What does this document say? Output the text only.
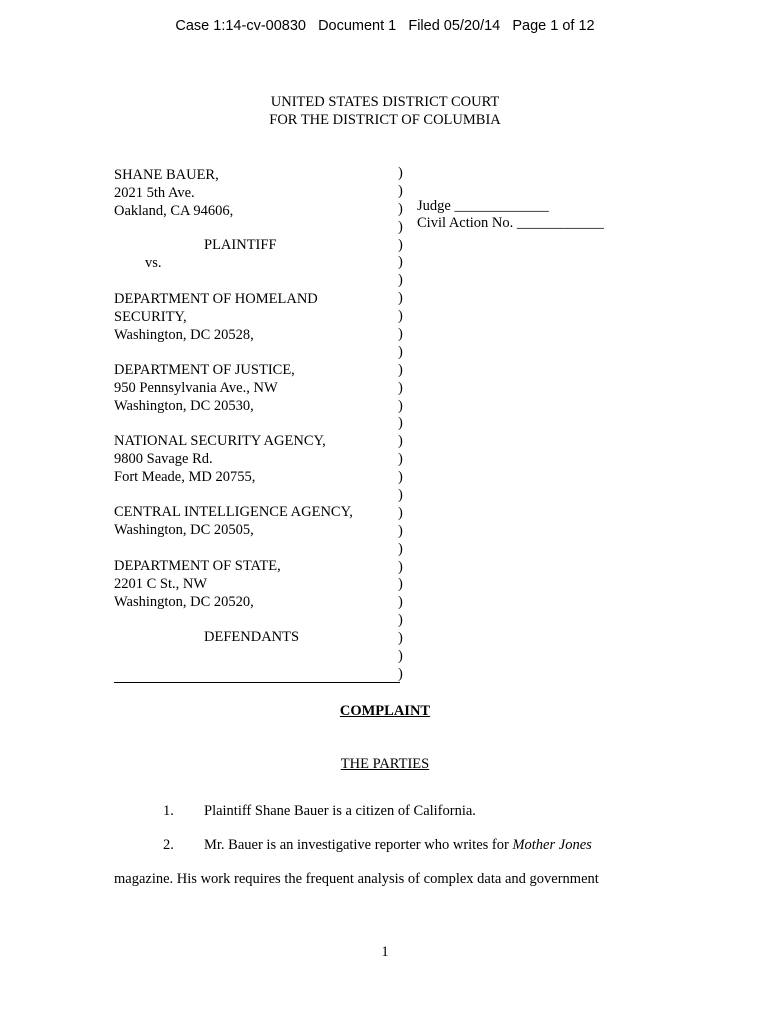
Case 1:14-cv-00830 Document 1 Filed 05/20/14 Page 1 of 12
UNITED STATES DISTRICT COURT
FOR THE DISTRICT OF COLUMBIA
SHANE BAUER,
2021 5th Ave.
Oakland, CA 94606,
PLAINTIFF
vs.
DEPARTMENT OF HOMELAND
SECURITY,
Washington, DC 20528,
DEPARTMENT OF JUSTICE,
950 Pennsylvania Ave., NW
Washington, DC 20530,
NATIONAL SECURITY AGENCY,
9800 Savage Rd.
Fort Meade, MD 20755,
CENTRAL INTELLIGENCE AGENCY,
Washington, DC 20505,
DEPARTMENT OF STATE,
2201 C St., NW
Washington, DC 20520,
DEFENDANTS
)
)
)
)
)
)
)
)
)
)
)
)
)
)
)
)
)
)
)
)
)
)
)
)
)
)
)
)
)
Judge _____________
Civil Action No. ____________
COMPLAINT
THE PARTIES
1. Plaintiff Shane Bauer is a citizen of California.
2. Mr. Bauer is an investigative reporter who writes for Mother Jones
magazine. His work requires the frequent analysis of complex data and government
1
